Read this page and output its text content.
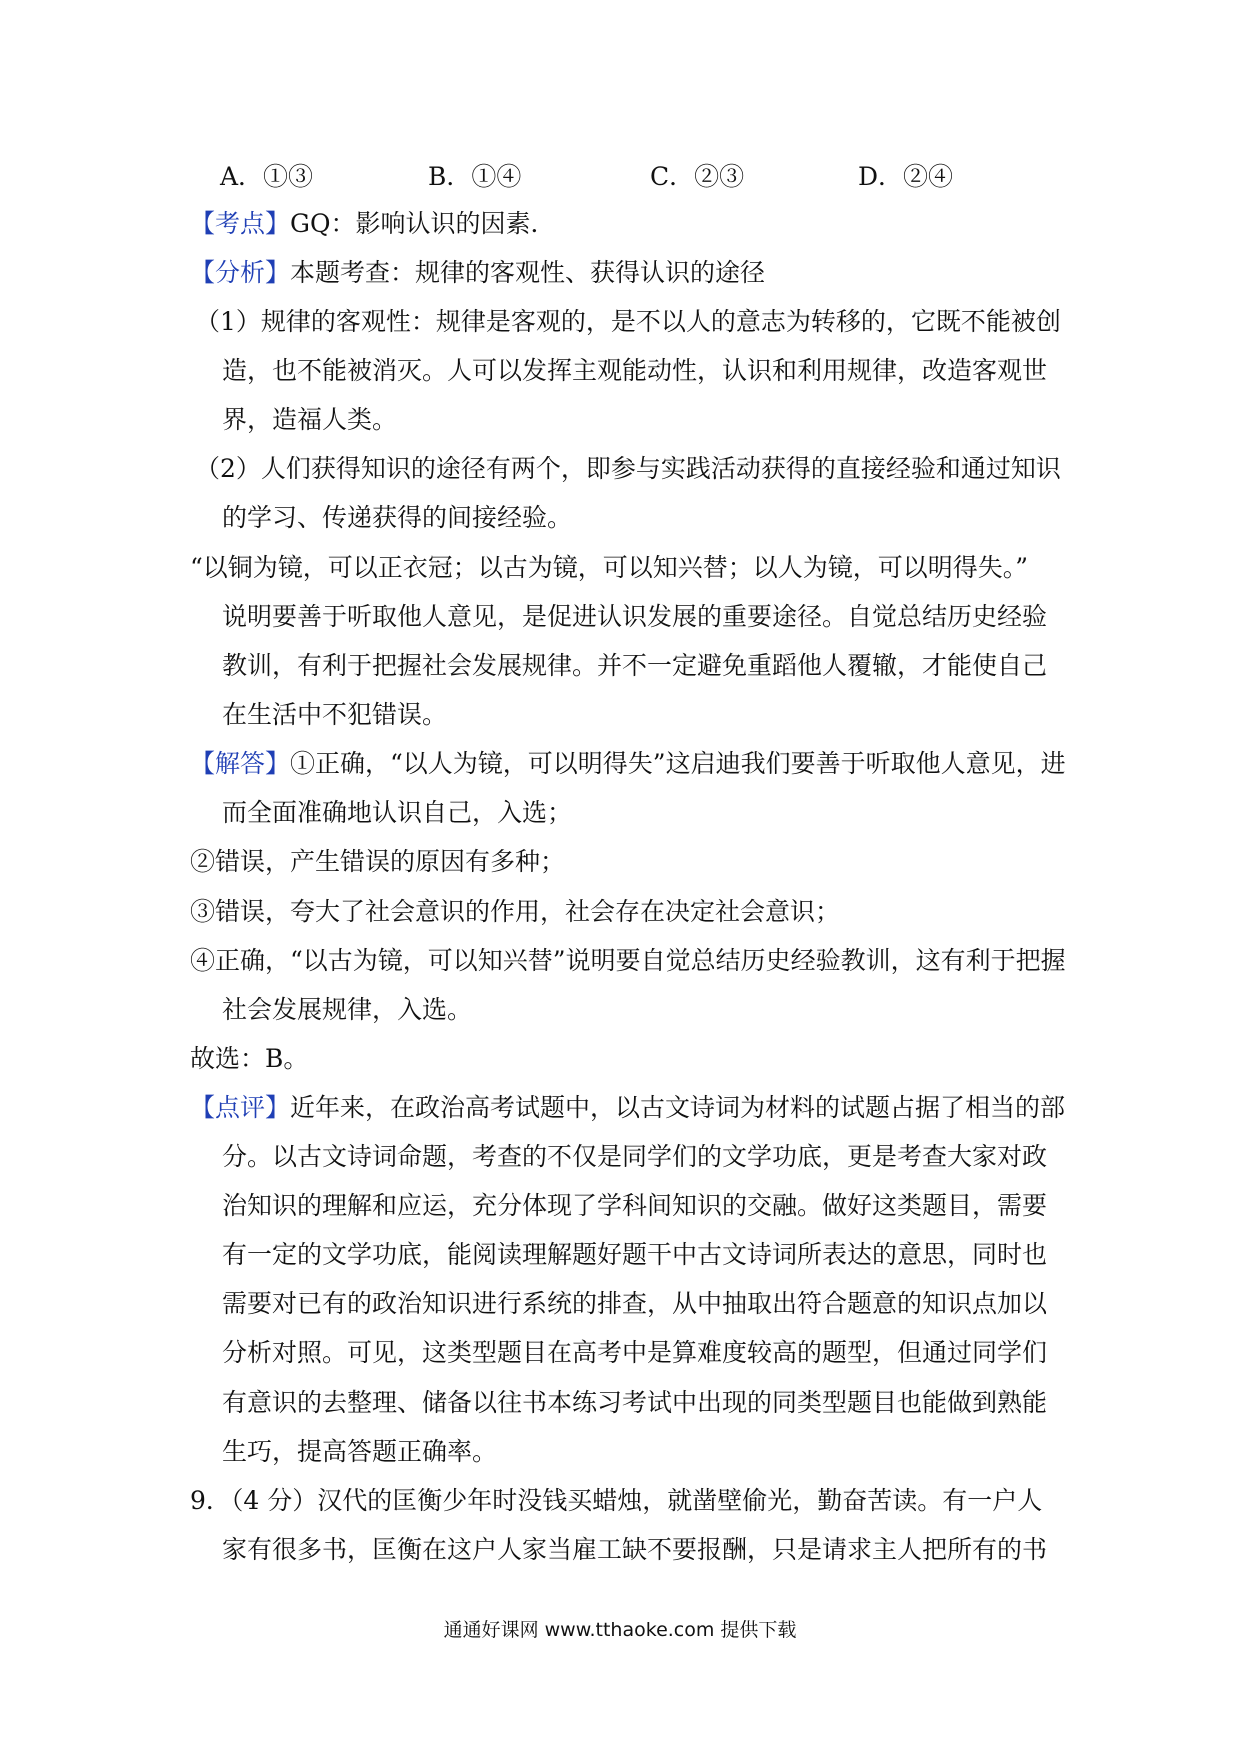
A．①③	B．①④	C．②③	D．②④
【考点】GQ：影响认识的因素．
【分析】本题考查：规律的客观性、获得认识的途径
（1）规律的客观性：规律是客观的，是不以人的意志为转移的，它既不能被创
造，也不能被消灭。人可以发挥主观能动性，认识和利用规律，改造客观世
界，造福人类。
（2）人们获得知识的途径有两个，即参与实践活动获得的直接经验和通过知识
的学习、传递获得的间接经验。
“以铜为镜，可以正衣冠；以古为镜，可以知兴替；以人为镜，可以明得失。”
说明要善于听取他人意见，是促进认识发展的重要途径。自觉总结历史经验
教训，有利于把握社会发展规律。并不一定避免重蹈他人覆辙，才能使自己
在生活中不犯错误。
【解答】①正确，“以人为镜，可以明得失”这启迪我们要善于听取他人意见，进
而全面准确地认识自己，入选；
②错误，产生错误的原因有多种；
③错误，夸大了社会意识的作用，社会存在决定社会意识；
④正确，“以古为镜，可以知兴替”说明要自觉总结历史经验教训，这有利于把握
社会发展规律，入选。
故选：B。
【点评】近年来，在政治高考试题中，以古文诗词为材料的试题占据了相当的部
分。以古文诗词命题，考查的不仅是同学们的文学功底，更是考查大家对政
治知识的理解和应运，充分体现了学科间知识的交融。做好这类题目，需要
有一定的文学功底，能阅读理解题好题干中古文诗词所表达的意思，同时也
需要对已有的政治知识进行系统的排查，从中抽取出符合题意的知识点加以
分析对照。可见，这类型题目在高考中是算难度较高的题型，但通过同学们
有意识的去整理、储备以往书本练习考试中出现的同类型题目也能做到熟能
生巧，提高答题正确率。
9．（4 分）汉代的匡衡少年时没钱买蜡烛，就凿壁偷光，勤奋苦读。有一户人
家有很多书，匡衡在这户人家当雇工缺不要报酬，只是请求主人把所有的书
通通好课网 www.tthaoke.com 提供下载
